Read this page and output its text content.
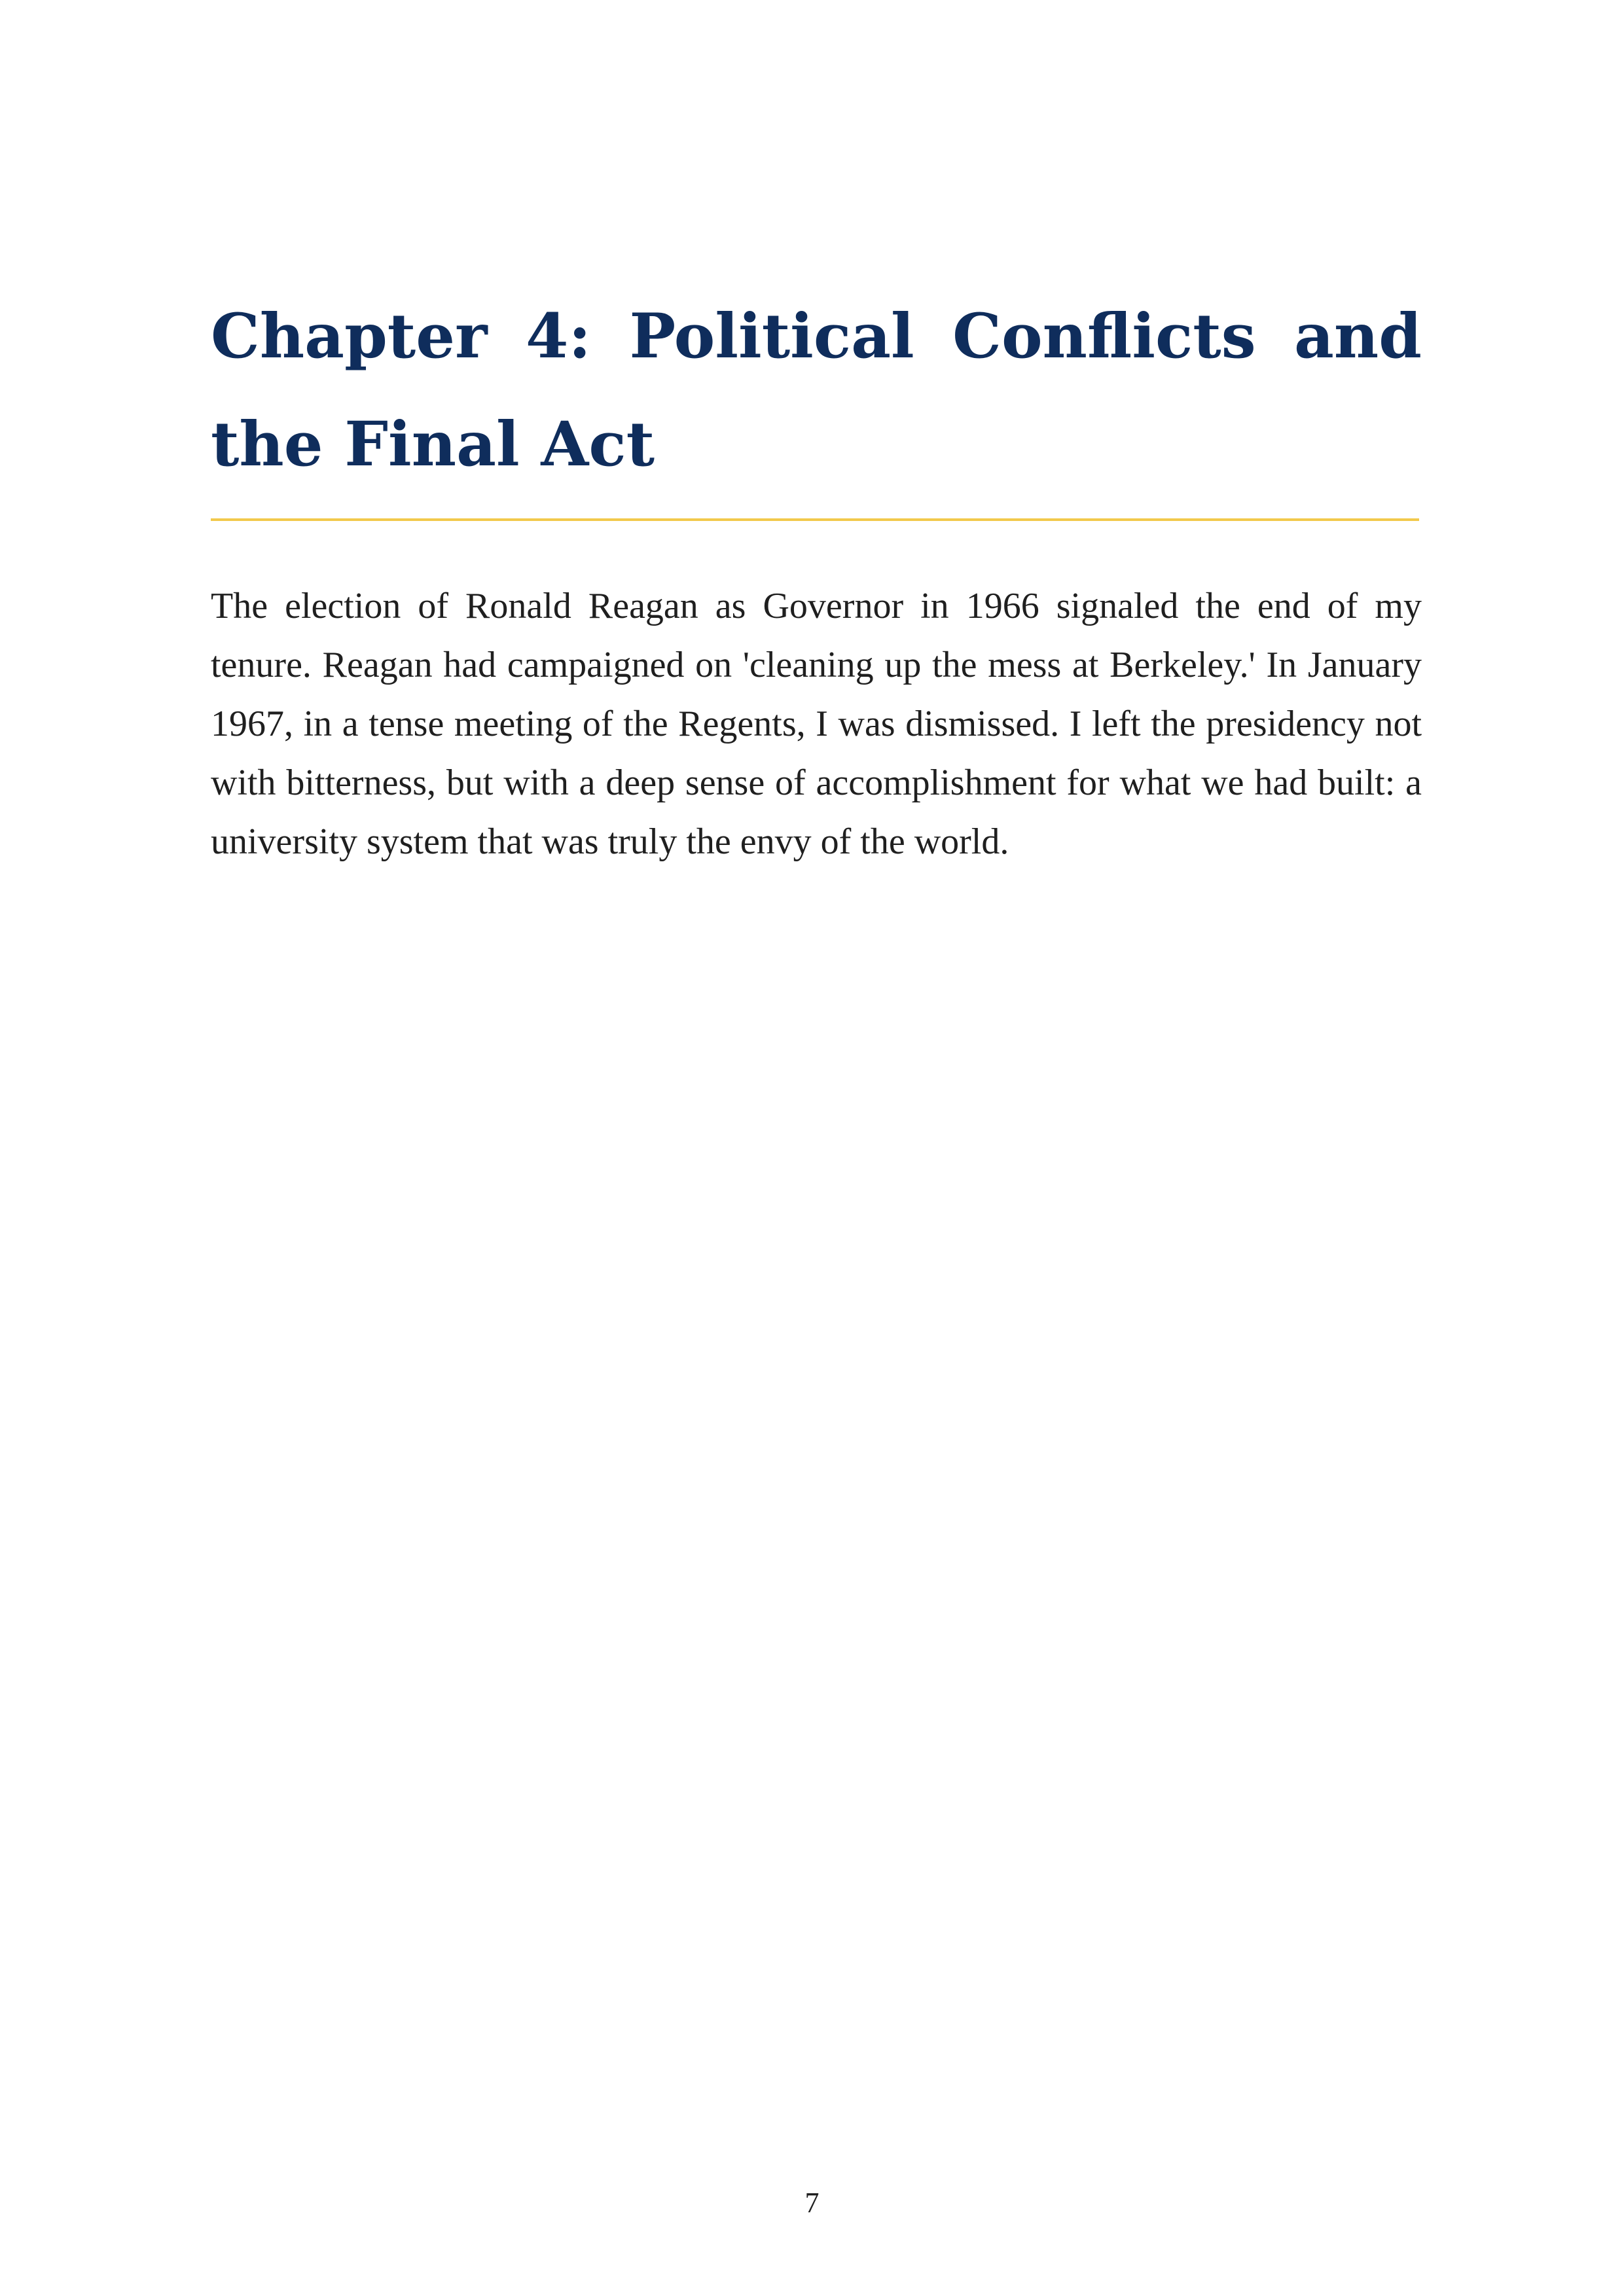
Chapter 4: Political Conflicts and the Final Act

The election of Ronald Reagan as Governor in 1966 signaled the end of my tenure. Reagan had campaigned on 'cleaning up the mess at Berkeley.' In January 1967, in a tense meeting of the Regents, I was dismissed. I left the presidency not with bitterness, but with a deep sense of accomplishment for what we had built: a university system that was truly the envy of the world.

7
